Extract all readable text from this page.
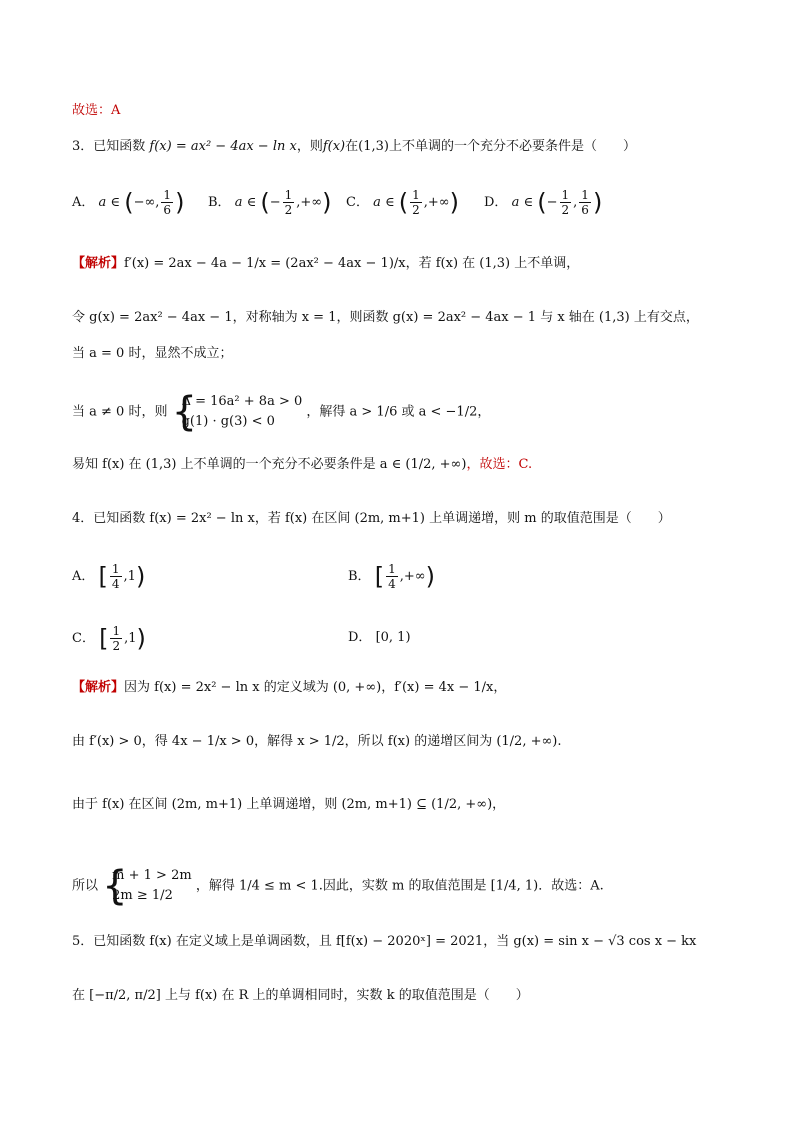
故选：A
3．已知函数 f(x) = ax² − 4ax − ln x，则f(x)在(1,3)上不单调的一个充分不必要条件是（　　）
A． a ∈ (−∞, $\frac{1}{6}$ ) B． a ∈ (− $\frac{1}{2}$ ,+∞) C． a ∈ ( $\frac{1}{2}$ ,+∞) D． a ∈ (− $\frac{1}{2}$ , $\frac{1}{6}$ )
【解析】f′(x) = 2ax − 4a − 1/x = (2ax² − 4ax − 1)/x，若 f(x) 在 (1,3) 上不单调，
令 g(x) = 2ax² − 4ax − 1，对称轴为 x = 1，则函数 g(x) = 2ax² − 4ax − 1 与 x 轴在 (1,3) 上有交点，
当 a = 0 时，显然不成立；
当 a ≠ 0 时，则 {
Δ = 16a² + 8a > 0
g(1) · g(3) < 0
，解得 a > 1/6 或 a < −1/2，
易知 f(x) 在 (1,3) 上不单调的一个充分不必要条件是 a ∈ (1/2, +∞)，故选：C.
4．已知函数 f(x) = 2x² − ln x，若 f(x) 在区间 (2m, m+1) 上单调递增，则 m 的取值范围是（　　）
A． [ $\frac{1}{4} ,1$)	B． [ $\frac{1}{4}$ ,+∞)
C． [ $\frac{1}{2} ,1$)	D． [0, 1)
【解析】因为 f(x) = 2x² − ln x 的定义域为 (0, +∞)，f′(x) = 4x − 1/x，
由 f′(x) > 0，得 4x − 1/x > 0，解得 x > 1/2，所以 f(x) 的递增区间为 (1/2, +∞).
由于 f(x) 在区间 (2m, m+1) 上单调递增，则 (2m, m+1) ⊆ (1/2, +∞)，
所以 {
m + 1 > 2m
2m ≥ 1/2
，解得 1/4 ≤ m < 1.因此，实数 m 的取值范围是 [1/4, 1)．故选：A.
5．已知函数 f(x) 在定义域上是单调函数，且 f[f(x) − 2020ˣ] = 2021，当 g(x) = sin x − √3 cos x − kx
在 [−π/2, π/2] 上与 f(x) 在 R 上的单调相同时，实数 k 的取值范围是（　　）
